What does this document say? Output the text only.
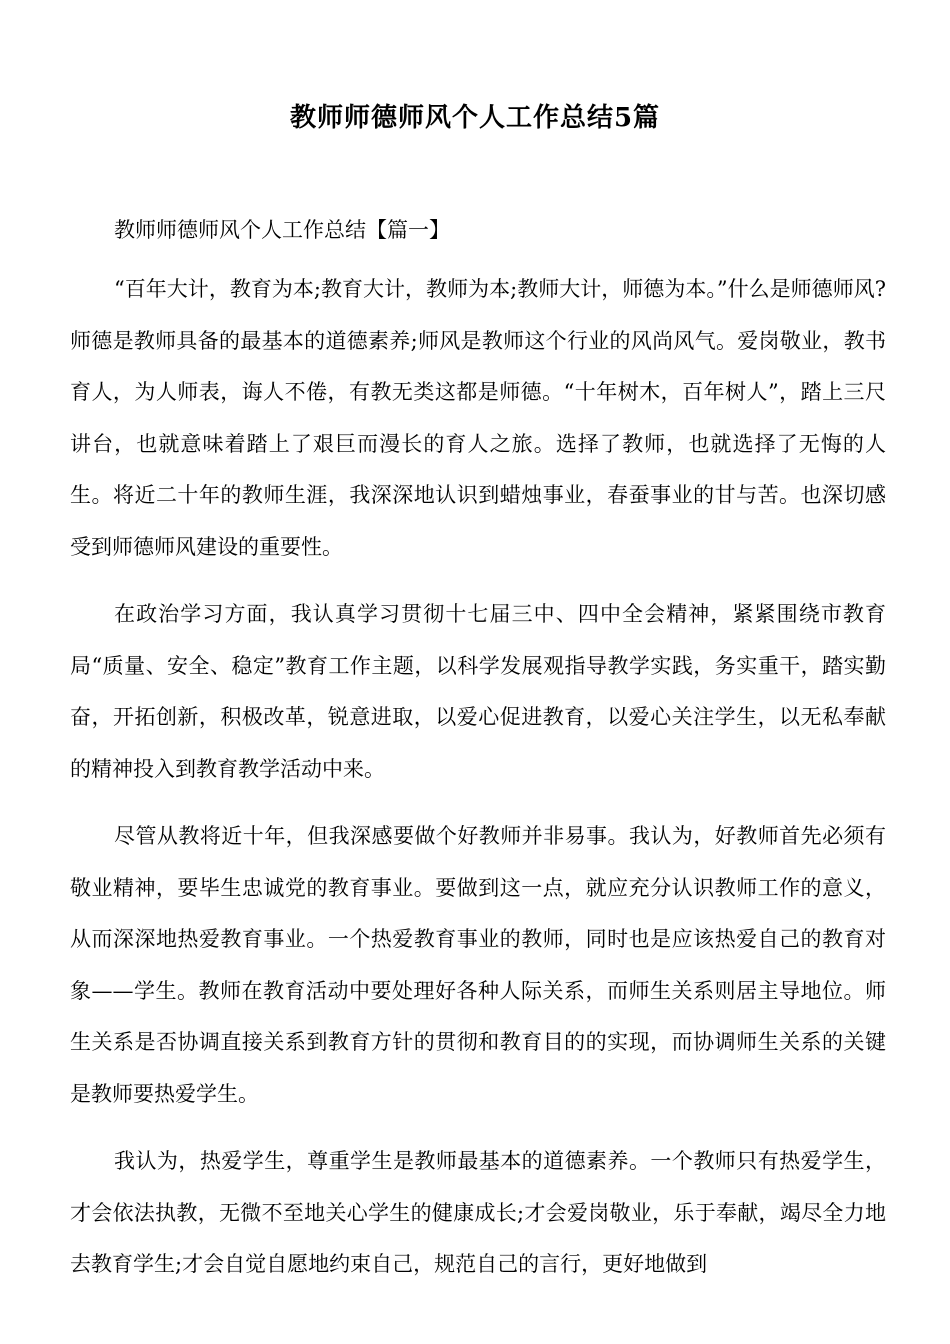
教师师德师风个人工作总结5篇

教师师德师风个人工作总结【篇一】

“百年大计，教育为本;教育大计，教师为本;教师大计，师德为本。”什么是师德师风?师德是教师具备的最基本的道德素养;师风是教师这个行业的风尚风气。爱岗敬业，教书育人，为人师表，诲人不倦，有教无类这都是师德。“十年树木，百年树人”，踏上三尺讲台，也就意味着踏上了艰巨而漫长的育人之旅。选择了教师，也就选择了无悔的人生。将近二十年的教师生涯，我深深地认识到蜡烛事业，春蚕事业的甘与苦。也深切感受到师德师风建设的重要性。

在政治学习方面，我认真学习贯彻十七届三中、四中全会精神，紧紧围绕市教育局“质量、安全、稳定”教育工作主题，以科学发展观指导教学实践，务实重干，踏实勤奋，开拓创新，积极改革，锐意进取，以爱心促进教育，以爱心关注学生，以无私奉献的精神投入到教育教学活动中来。

尽管从教将近十年，但我深感要做个好教师并非易事。我认为，好教师首先必须有敬业精神，要毕生忠诚党的教育事业。要做到这一点，就应充分认识教师工作的意义，从而深深地热爱教育事业。一个热爱教育事业的教师，同时也是应该热爱自己的教育对象——学生。教师在教育活动中要处理好各种人际关系，而师生关系则居主导地位。师生关系是否协调直接关系到教育方针的贯彻和教育目的的实现，而协调师生关系的关键是教师要热爱学生。

我认为，热爱学生，尊重学生是教师最基本的道德素养。一个教师只有热爱学生，才会依法执教，无微不至地关心学生的健康成长;才会爱岗敬业，乐于奉献，竭尽全力地去教育学生;才会自觉自愿地约束自己，规范自己的言行，更好地做到
